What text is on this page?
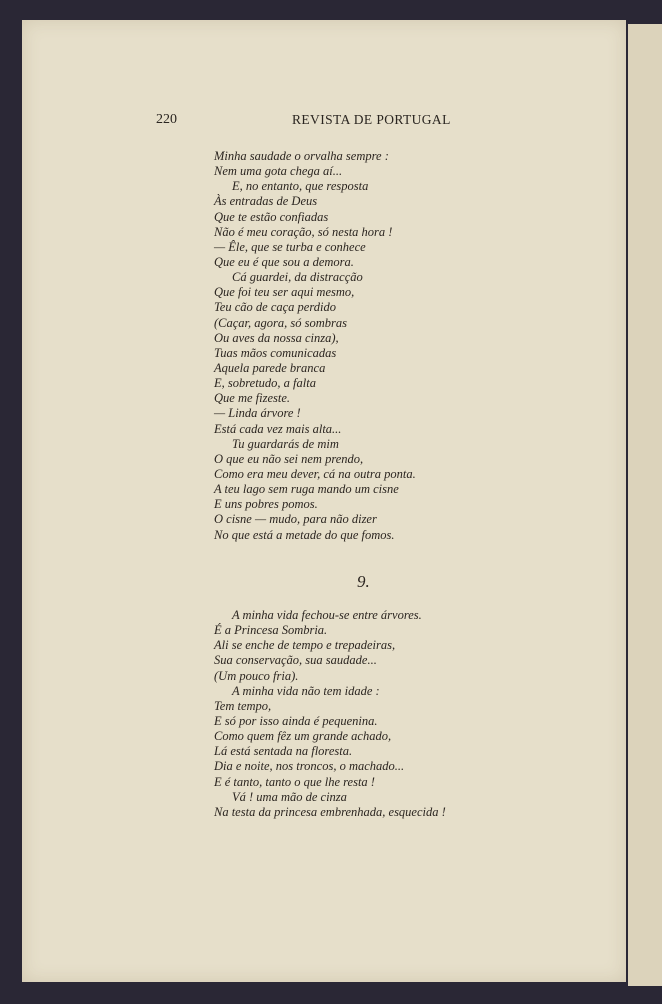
220	REVISTA DE PORTUGAL
Minha saudade o orvalha sempre :
Nem uma gota chega aí...
E, no entanto, que resposta
Às entradas de Deus
Que te estão confiadas
Não é meu coração, só nesta hora !
— Êle, que se turba e conhece
Que eu é que sou a demora.
Cá guardei, da distracção
Que foi teu ser aqui mesmo,
Teu cão de caça perdido
(Caçar, agora, só sombras
Ou aves da nossa cinza),
Tuas mãos comunicadas
Aquela parede branca
E, sobretudo, a falta
Que me fizeste.
— Linda árvore !
Está cada vez mais alta...
Tu guardarás de mim
O que eu não sei nem prendo,
Como era meu dever, cá na outra ponta.
A teu lago sem ruga mando um cisne
E uns pobres pomos.
O cisne — mudo, para não dizer
No que está a metade do que fomos.
9.
A minha vida fechou-se entre árvores.
É a Princesa Sombria.
Ali se enche de tempo e trepadeiras,
Sua conservação, sua saudade...
(Um pouco fria).
A minha vida não tem idade :
Tem tempo,
E só por isso ainda é pequenina.
Como quem fêz um grande achado,
Lá está sentada na floresta.
Dia e noite, nos troncos, o machado...
E é tanto, tanto o que lhe resta !
Vá ! uma mão de cinza
Na testa da princesa embrenhada, esquecida !
